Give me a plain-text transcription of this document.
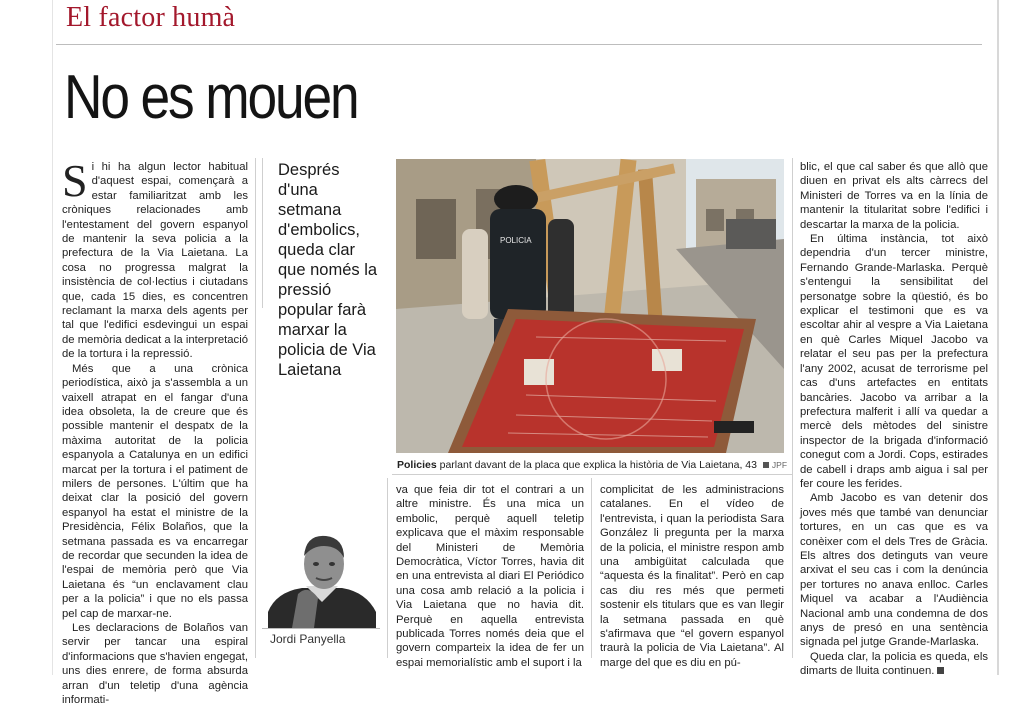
El factor humà
No es mouen

Si hi ha algun lector habitual d'aquest espai, començarà a estar familiaritzat amb les cròniques relacionades amb l'entestament del govern espanyol de mantenir la seva policia a la prefectura de la Via Laietana. La cosa no progressa malgrat la insistència de col·lectius i ciutadans que, cada 15 dies, es concentren reclamant la marxa dels agents per tal que l'edifici esdevingui un espai de memòria dedicat a la interpretació de la tortura i la repressió.

Més que a una crònica periodística, això ja s'assembla a un vaixell atrapat en el fangar d'una idea obsoleta, la de creure que és possible mantenir el despatx de la màxima autoritat de la policia espanyola a Catalunya en un edifici marcat per la tortura i el patiment de milers de persones. L'últim que ha deixat clar la posició del govern espanyol ha estat el ministre de la Presidència, Félix Bolaños, que la setmana passada es va encarregar de recordar que secunden la idea de l'espai de memòria però que Via Laietana és “un enclavament clau per a la policia” i que no els passa pel cap de marxar-ne.

Les declaracions de Bolaños van servir per tancar una espiral d'informacions que s'havien engegat, uns dies enrere, de forma absurda arran d'un teletip d'una agència informati-

Després d'una setmana d'embolics, queda clar que només la pressió popular farà marxar la policia de Via Laietana
Jordi Panyella
POLICIA
Policies parlant davant de la placa que explica la història de Via Laietana, 43 JPF

va que feia dir tot el contrari a un altre ministre. És una mica un embolic, perquè aquell teletip explicava que el màxim responsable del Ministeri de Memòria Democràtica, Víctor Torres, havia dit en una entrevista al diari El Periódico una cosa amb relació a la policia i Via Laietana que no havia dit. Perquè en aquella entrevista publicada Torres només deia que el govern comparteix la idea de fer un espai memorialístic amb el suport i la

complicitat de les administracions catalanes. En el vídeo de l'entrevista, i quan la periodista Sara González li pregunta per la marxa de la policia, el ministre respon amb una ambigüitat calculada que “aquesta és la finalitat”. Però en cap cas diu res més que permeti sostenir els titulars que es van llegir la setmana passada en què s'afirmava que “el govern espanyol traurà la policia de Via Laietana”. Al marge del que es diu en pú-

blic, el que cal saber és que allò que diuen en privat els alts càrrecs del Ministeri de Torres va en la línia de mantenir la titularitat sobre l'edifici i descartar la marxa de la policia.

En última instància, tot això dependria d'un tercer ministre, Fernando Grande-Marlaska. Perquè s'entengui la sensibilitat del personatge sobre la qüestió, és bo explicar el testimoni que es va escoltar ahir al vespre a Via Laietana en què Carles Miquel Jacobo va relatar el seu pas per la prefectura l'any 2002, acusat de terrorisme pel cas d'uns artefactes en entitats bancàries. Jacobo va arribar a la prefectura malferit i allí va quedar a mercè dels mètodes del sinistre inspector de la brigada d'informació conegut com a Jordi. Cops, estirades de cabell i draps amb aigua i sal per fer coure les ferides.

Amb Jacobo es van detenir dos joves més que també van denunciar tortures, en un cas que es va conèixer com el dels Tres de Gràcia. Els altres dos detinguts van veure arxivat el seu cas i com la denúncia per tortures no anava enlloc. Carles Miquel va acabar a l'Audiència Nacional amb una condemna de dos anys de presó en una sentència signada pel jutge Grande-Marlaska.

Queda clar, la policia es queda, els dimarts de lluita continuen.
